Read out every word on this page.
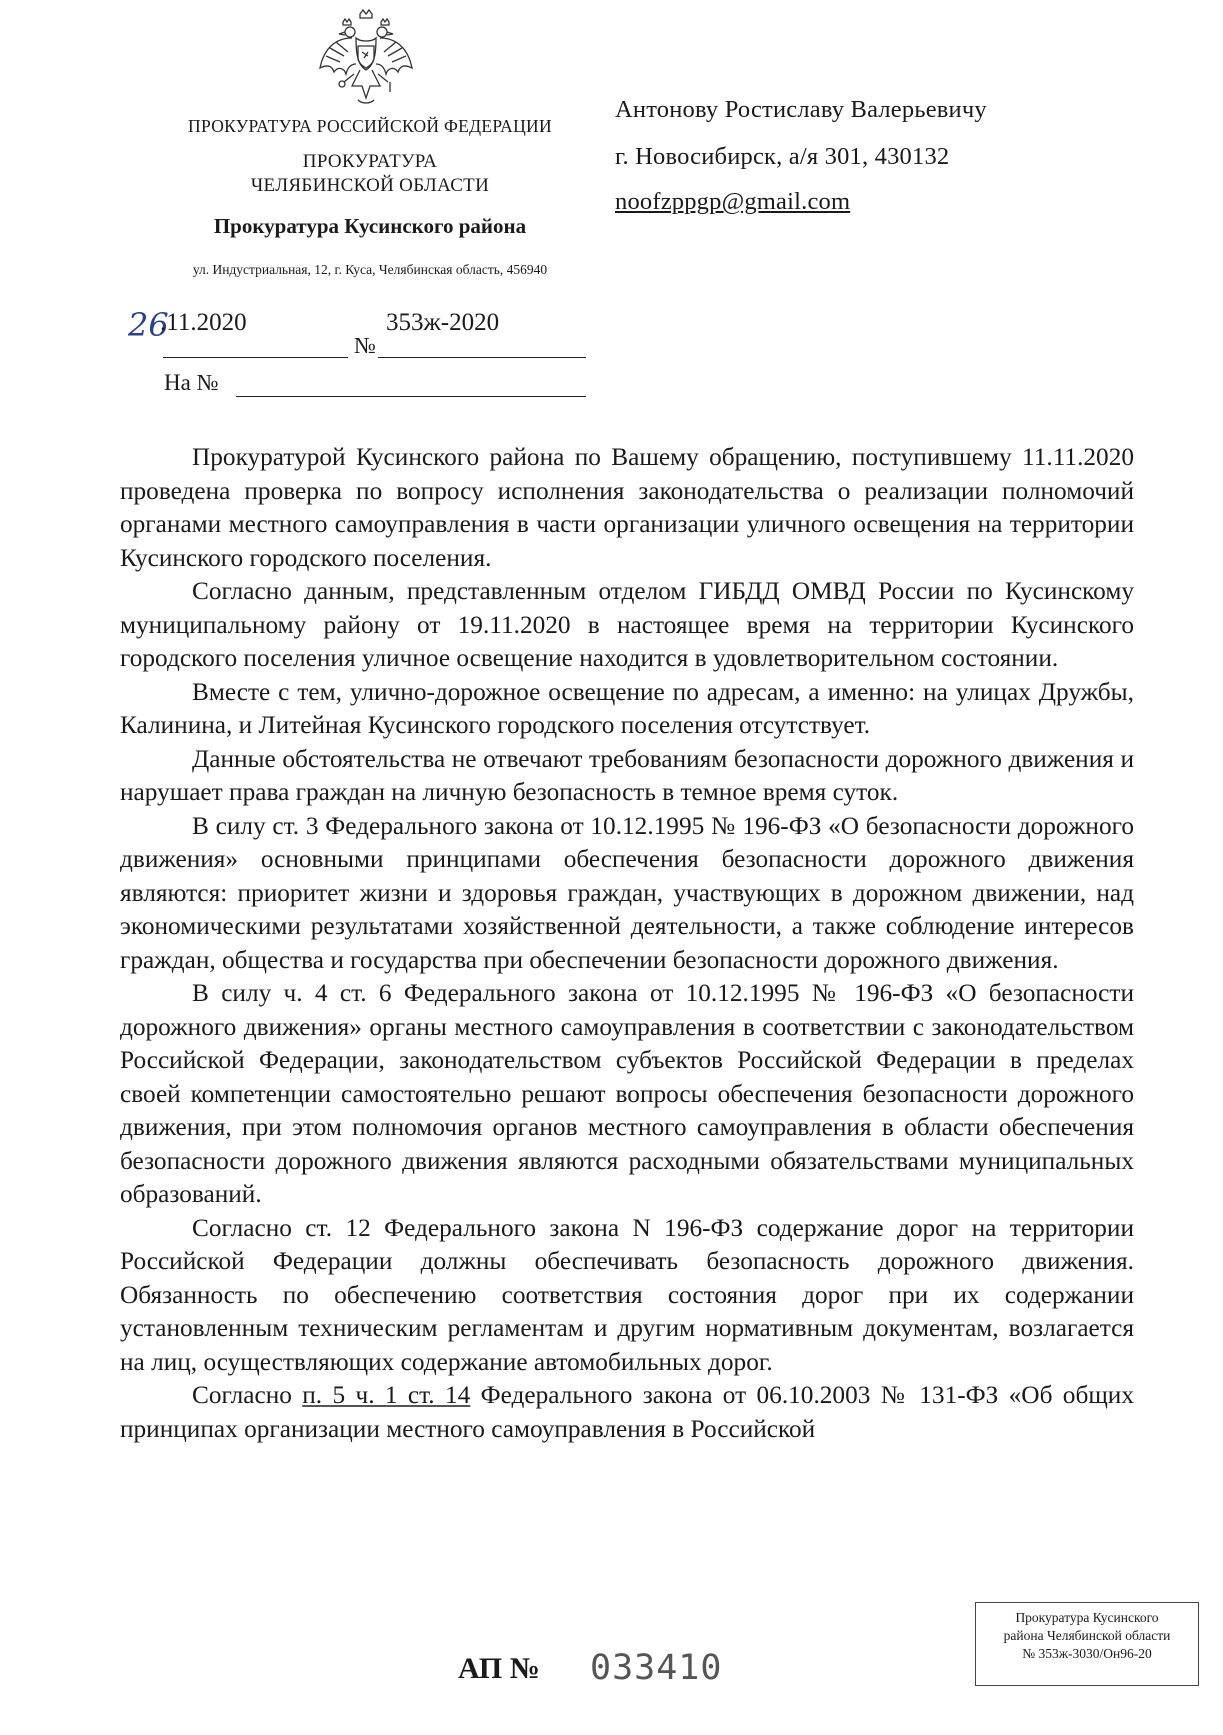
ПРОКУРАТУРА РОССИЙСКОЙ ФЕДЕРАЦИИ
ПРОКУРАТУРА
ЧЕЛЯБИНСКОЙ ОБЛАСТИ
Прокуратура Кусинского района
ул. Индустриальная, 12, г. Куса, Челябинская область, 456940
26
.11.2020
№
353ж-2020
На №
Антонову Ростиславу Валерьевичу
г. Новосибирск, а/я 301, 430132
noofzppgp@gmail.com

Прокуратурой Кусинского района по Вашему обращению, поступившему 11.11.2020 проведена проверка по вопросу исполнения законодательства о реализации полномочий органами местного самоуправления в части организации уличного освещения на территории Кусинского городского поселения.

Согласно данным, представленным отделом ГИБДД ОМВД России по Кусинскому муниципальному району от 19.11.2020 в настоящее время на территории Кусинского городского поселения уличное освещение находится в удовлетворительном состоянии.

Вместе с тем, улично-дорожное освещение по адресам, а именно: на улицах Дружбы, Калинина, и Литейная Кусинского городского поселения отсутствует.

Данные обстоятельства не отвечают требованиям безопасности дорожного движения и нарушает права граждан на личную безопасность в темное время суток.

В силу ст. 3 Федерального закона от 10.12.1995 № 196-ФЗ «О безопасности дорожного движения» основными принципами обеспечения безопасности дорожного движения являются: приоритет жизни и здоровья граждан, участвующих в дорожном движении, над экономическими результатами хозяйственной деятельности, а также соблюдение интересов граждан, общества и государства при обеспечении безопасности дорожного движения.

В силу ч. 4 ст. 6 Федерального закона от 10.12.1995 № 196-ФЗ «О безопасности дорожного движения» органы местного самоуправления в соответствии с законодательством Российской Федерации, законодательством субъектов Российской Федерации в пределах своей компетенции самостоятельно решают вопросы обеспечения безопасности дорожного движения, при этом полномочия органов местного самоуправления в области обеспечения безопасности дорожного движения являются расходными обязательствами муниципальных образований.

Согласно ст. 12 Федерального закона N 196-ФЗ содержание дорог на территории Российской Федерации должны обеспечивать безопасность дорожного движения. Обязанность по обеспечению соответствия состояния дорог при их содержании установленным техническим регламентам и другим нормативным документам, возлагается на лиц, осуществляющих содержание автомобильных дорог.

Согласно п. 5 ч. 1 ст. 14 Федерального закона от 06.10.2003 № 131-ФЗ «Об общих принципах организации местного самоуправления в Российской

АП № 033410
Прокуратура Кусинского
района Челябинской области
№ 353ж-3030/Он96-20
